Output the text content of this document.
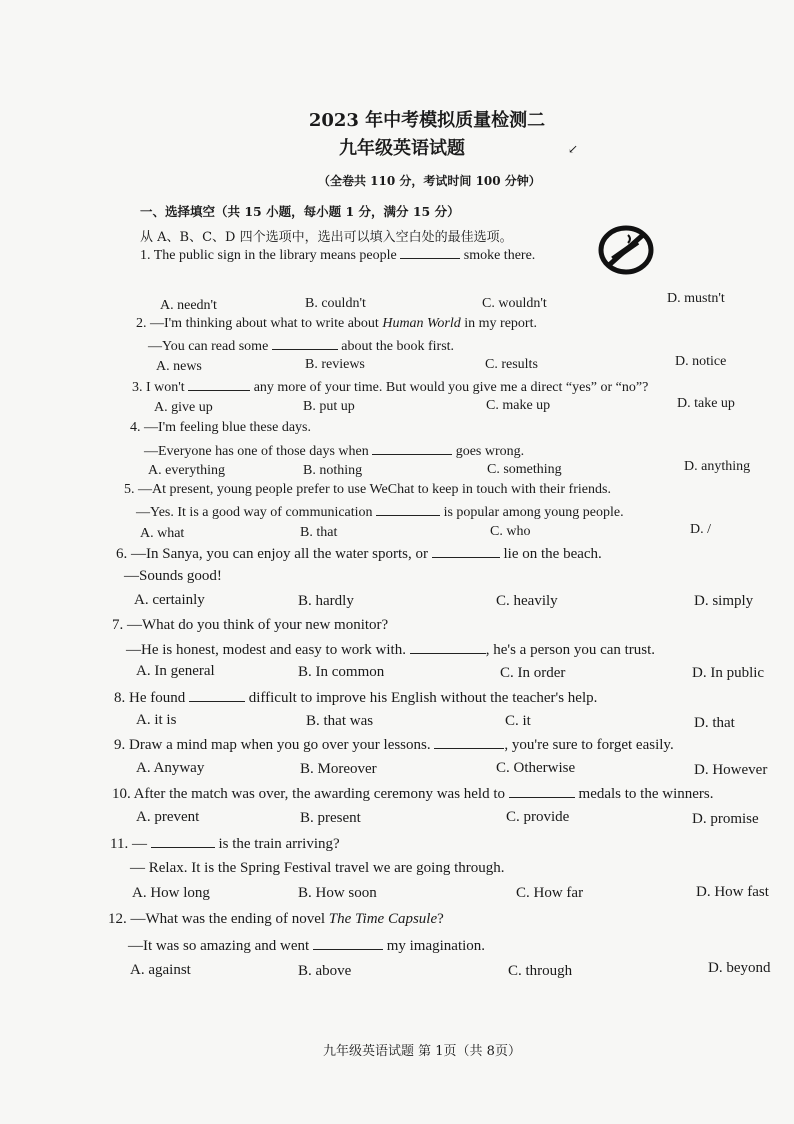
2023 年中考模拟质量检测二
九年级英语试题	↙
（全卷共 110 分，考试时间 100 分钟）
一、选择填空（共 15 小题，每小题 1 分，满分 15 分）
从 A、B、C、D 四个选项中，选出可以填入空白处的最佳选项。
1. The public sign in the library means people	smoke there.
A. needn't	B. couldn't	C. wouldn't	D. mustn't
2. —I'm thinking about what to write about Human World in my report.
—You can read some	about the book first.
A. news	B. reviews	C. results	D. notice
3. I won't	any more of your time. But would you give me a direct “yes” or “no”?
A. give up	B. put up	C. make up	D. take up
4. —I'm feeling blue these days.
—Everyone has one of those days when	goes wrong.
A. everything	B. nothing	C. something	D. anything
5. —At present, young people prefer to use WeChat to keep in touch with their friends.
—Yes. It is a good way of communication	is popular among young people.
A. what	B. that	C. who	D. /
6. —In Sanya, you can enjoy all the water sports, or	lie on the beach.
—Sounds good!
A. certainly	B. hardly	C. heavily	D. simply
7. —What do you think of your new monitor?
—He is honest, modest and easy to work with.	, he's a person you can trust.
A. In general	B. In common	C. In order	D. In public
8. He found	difficult to improve his English without the teacher's help.
A. it is	B. that was	C. it	D. that
9. Draw a mind map when you go over your lessons.	, you're sure to forget easily.
A. Anyway	B. Moreover	C. Otherwise	D. However
10. After the match was over, the awarding ceremony was held to	medals to the winners.
A. prevent	B. present	C. provide	D. promise
11. —	is the train arriving?
— Relax. It is the Spring Festival travel we are going through.
A. How long	B. How soon	C. How far	D. How fast
12. —What was the ending of novel The Time Capsule?
—It was so amazing and went	my imagination.
A. against	B. above	C. through	D. beyond
九年级英语试题 第 1页（共 8页）
